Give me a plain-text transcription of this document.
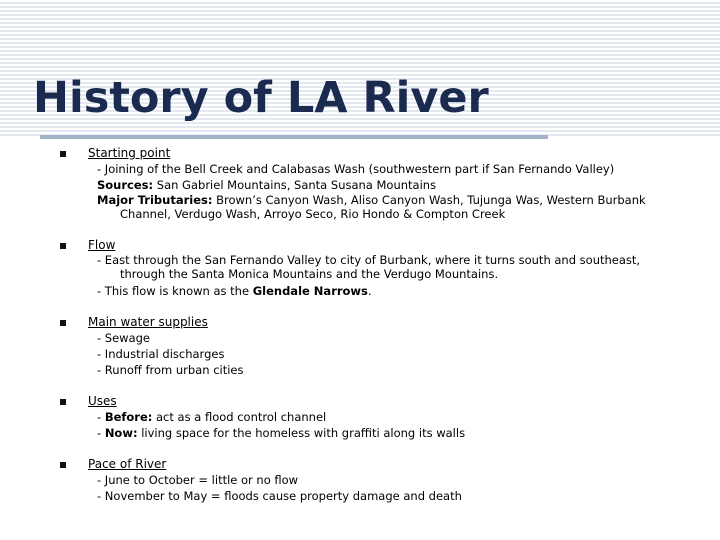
History of LA River
Starting point
- Joining of the Bell Creek and Calabasas Wash (southwestern part if San Fernando Valley)
Sources: San Gabriel Mountains, Santa Susana Mountains
Major Tributaries: Brown’s Canyon Wash, Aliso Canyon Wash, Tujunga Was, Western Burbank
Channel, Verdugo Wash, Arroyo Seco, Rio Hondo & Compton Creek
Flow
- East through the San Fernando Valley to city of Burbank, where it turns south and southeast,
through the Santa Monica Mountains and the Verdugo Mountains.
- This flow is known as the Glendale Narrows.
Main water supplies
- Sewage
- Industrial discharges
- Runoff from urban cities
Uses
- Before: act as a flood control channel
- Now: living space for the homeless with graffiti along its walls
Pace of River
- June to October = little or no flow
- November to May = floods cause property damage and death
